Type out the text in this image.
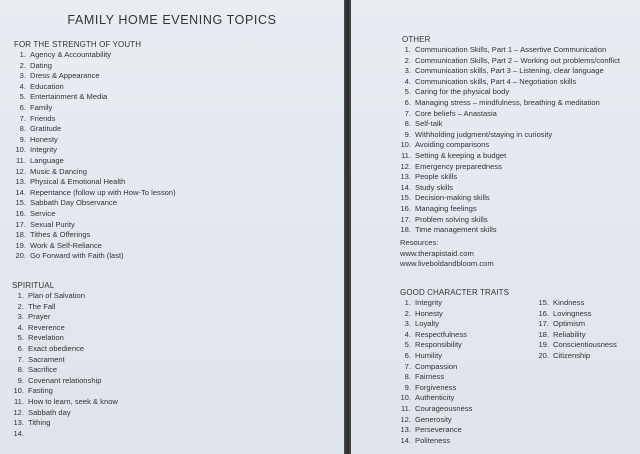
FAMILY HOME EVENING TOPICS
FOR THE STRENGTH OF YOUTH
1. Agency & Accountability
2. Dating
3. Dress & Appearance
4. Education
5. Entertainment & Media
6. Family
7. Friends
8. Gratitude
9. Honesty
10. Integrity
11. Language
12. Music & Dancing
13. Physical & Emotional Health
14. Repentance (follow up with How-To lesson)
15. Sabbath Day Observance
16. Service
17. Sexual Purity
18. Tithes & Offerings
19. Work & Self-Reliance
20. Go Forward with Faith (last)
SPIRITUAL
1. Plan of Salvation
2. The Fall
3. Prayer
4. Reverence
5. Revelation
6. Exact obedience
7. Sacrament
8. Sacrifice
9. Covenant relationship
10. Fasting
11. How to learn, seek & know
12. Sabbath day
13. Tithing
14.
OTHER
1. Communication Skills, Part 1 – Assertive Communication
2. Communication Skills, Part 2 – Working out problems/conflict
3. Communication skills, Part 3 – Listening, clear language
4. Communication skills, Part 4 – Negotiation skills
5. Caring for the physical body
6. Managing stress – mindfulness, breathing & meditation
7. Core beliefs – Anastasia
8. Self-talk
9. Withholding judgment/staying in curiosity
10. Avoiding comparisons
11. Setting & keeping a budget
12. Emergency preparedness
13. People skills
14. Study skills
15. Decision-making skills
16. Managing feelings
17. Problem solving skills
18. Time management skills
Resources:
www.therapistaid.com
www.liveboldandbloom.com
GOOD CHARACTER TRAITS
1. Integrity
2. Honesty
3. Loyalty
4. Respectfulness
5. Responsibility
6. Humility
7. Compassion
8. Fairness
9. Forgiveness
10. Authenticity
11. Courageousness
12. Generosity
13. Perseverance
14. Politeness
15. Kindness
16. Lovingness
17. Optimism
18. Reliability
19. Conscientiousness
20. Citizenship
